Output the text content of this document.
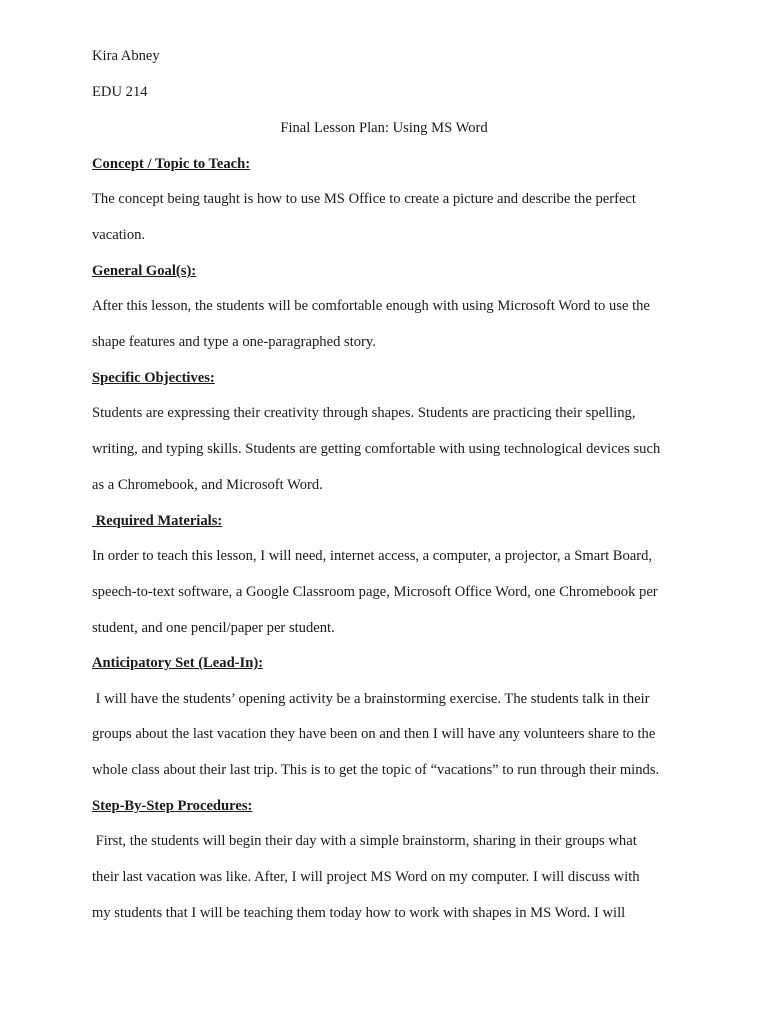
Kira Abney

EDU 214

Final Lesson Plan: Using MS Word

Concept / Topic to Teach:

The concept being taught is how to use MS Office to create a picture and describe the perfect

vacation.

General Goal(s):

After this lesson, the students will be comfortable enough with using Microsoft Word to use the

shape features and type a one-paragraphed story.

Specific Objectives:

Students are expressing their creativity through shapes. Students are practicing their spelling,

writing, and typing skills. Students are getting comfortable with using technological devices such

as a Chromebook, and Microsoft Word.

Required Materials:

In order to teach this lesson, I will need, internet access, a computer, a projector, a Smart Board,

speech-to-text software, a Google Classroom page, Microsoft Office Word, one Chromebook per

student, and one pencil/paper per student.

Anticipatory Set (Lead-In):

I will have the students’ opening activity be a brainstorming exercise. The students talk in their

groups about the last vacation they have been on and then I will have any volunteers share to the

whole class about their last trip. This is to get the topic of “vacations” to run through their minds.

Step-By-Step Procedures:

First, the students will begin their day with a simple brainstorm, sharing in their groups what

their last vacation was like. After, I will project MS Word on my computer. I will discuss with

my students that I will be teaching them today how to work with shapes in MS Word. I will
